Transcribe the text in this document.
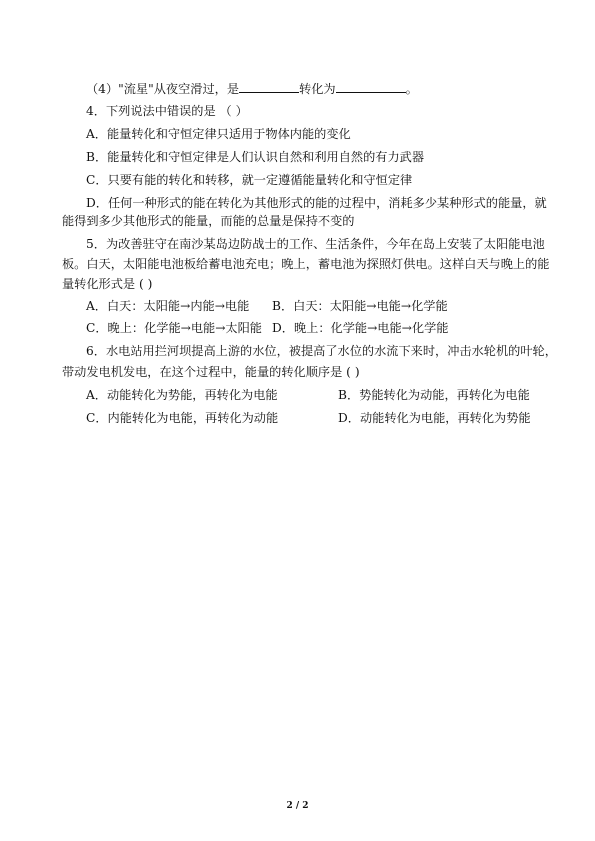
（4）"流星"从夜空滑过，是	转化为	。
4．下列说法中错误的是 （ ）
A．能量转化和守恒定律只适用于物体内能的变化
B．能量转化和守恒定律是人们认识自然和利用自然的有力武器
C．只要有能的转化和转移，就一定遵循能量转化和守恒定律
D．任何一种形式的能在转化为其他形式的能的过程中，消耗多少某种形式的能量，就
能得到多少其他形式的能量，而能的总量是保持不变的
5．为改善驻守在南沙某岛边防战士的工作、生活条件，今年在岛上安装了太阳能电池
板。白天，太阳能电池板给蓄电池充电；晚上，蓄电池为探照灯供电。这样白天与晚上的能
量转化形式是 ( )
A．白天：太阳能→内能→电能 B．白天：太阳能→电能→化学能
C．晚上：化学能→电能→太阳能 D．晚上：化学能→电能→化学能
6．水电站用拦河坝提高上游的水位，被提高了水位的水流下来时，冲击水轮机的叶轮，
带动发电机发电，在这个过程中，能量的转化顺序是 ( )
A．动能转化为势能，再转化为电能	B．势能转化为动能，再转化为电能
C．内能转化为电能，再转化为动能	D．动能转化为电能，再转化为势能
2 / 2
